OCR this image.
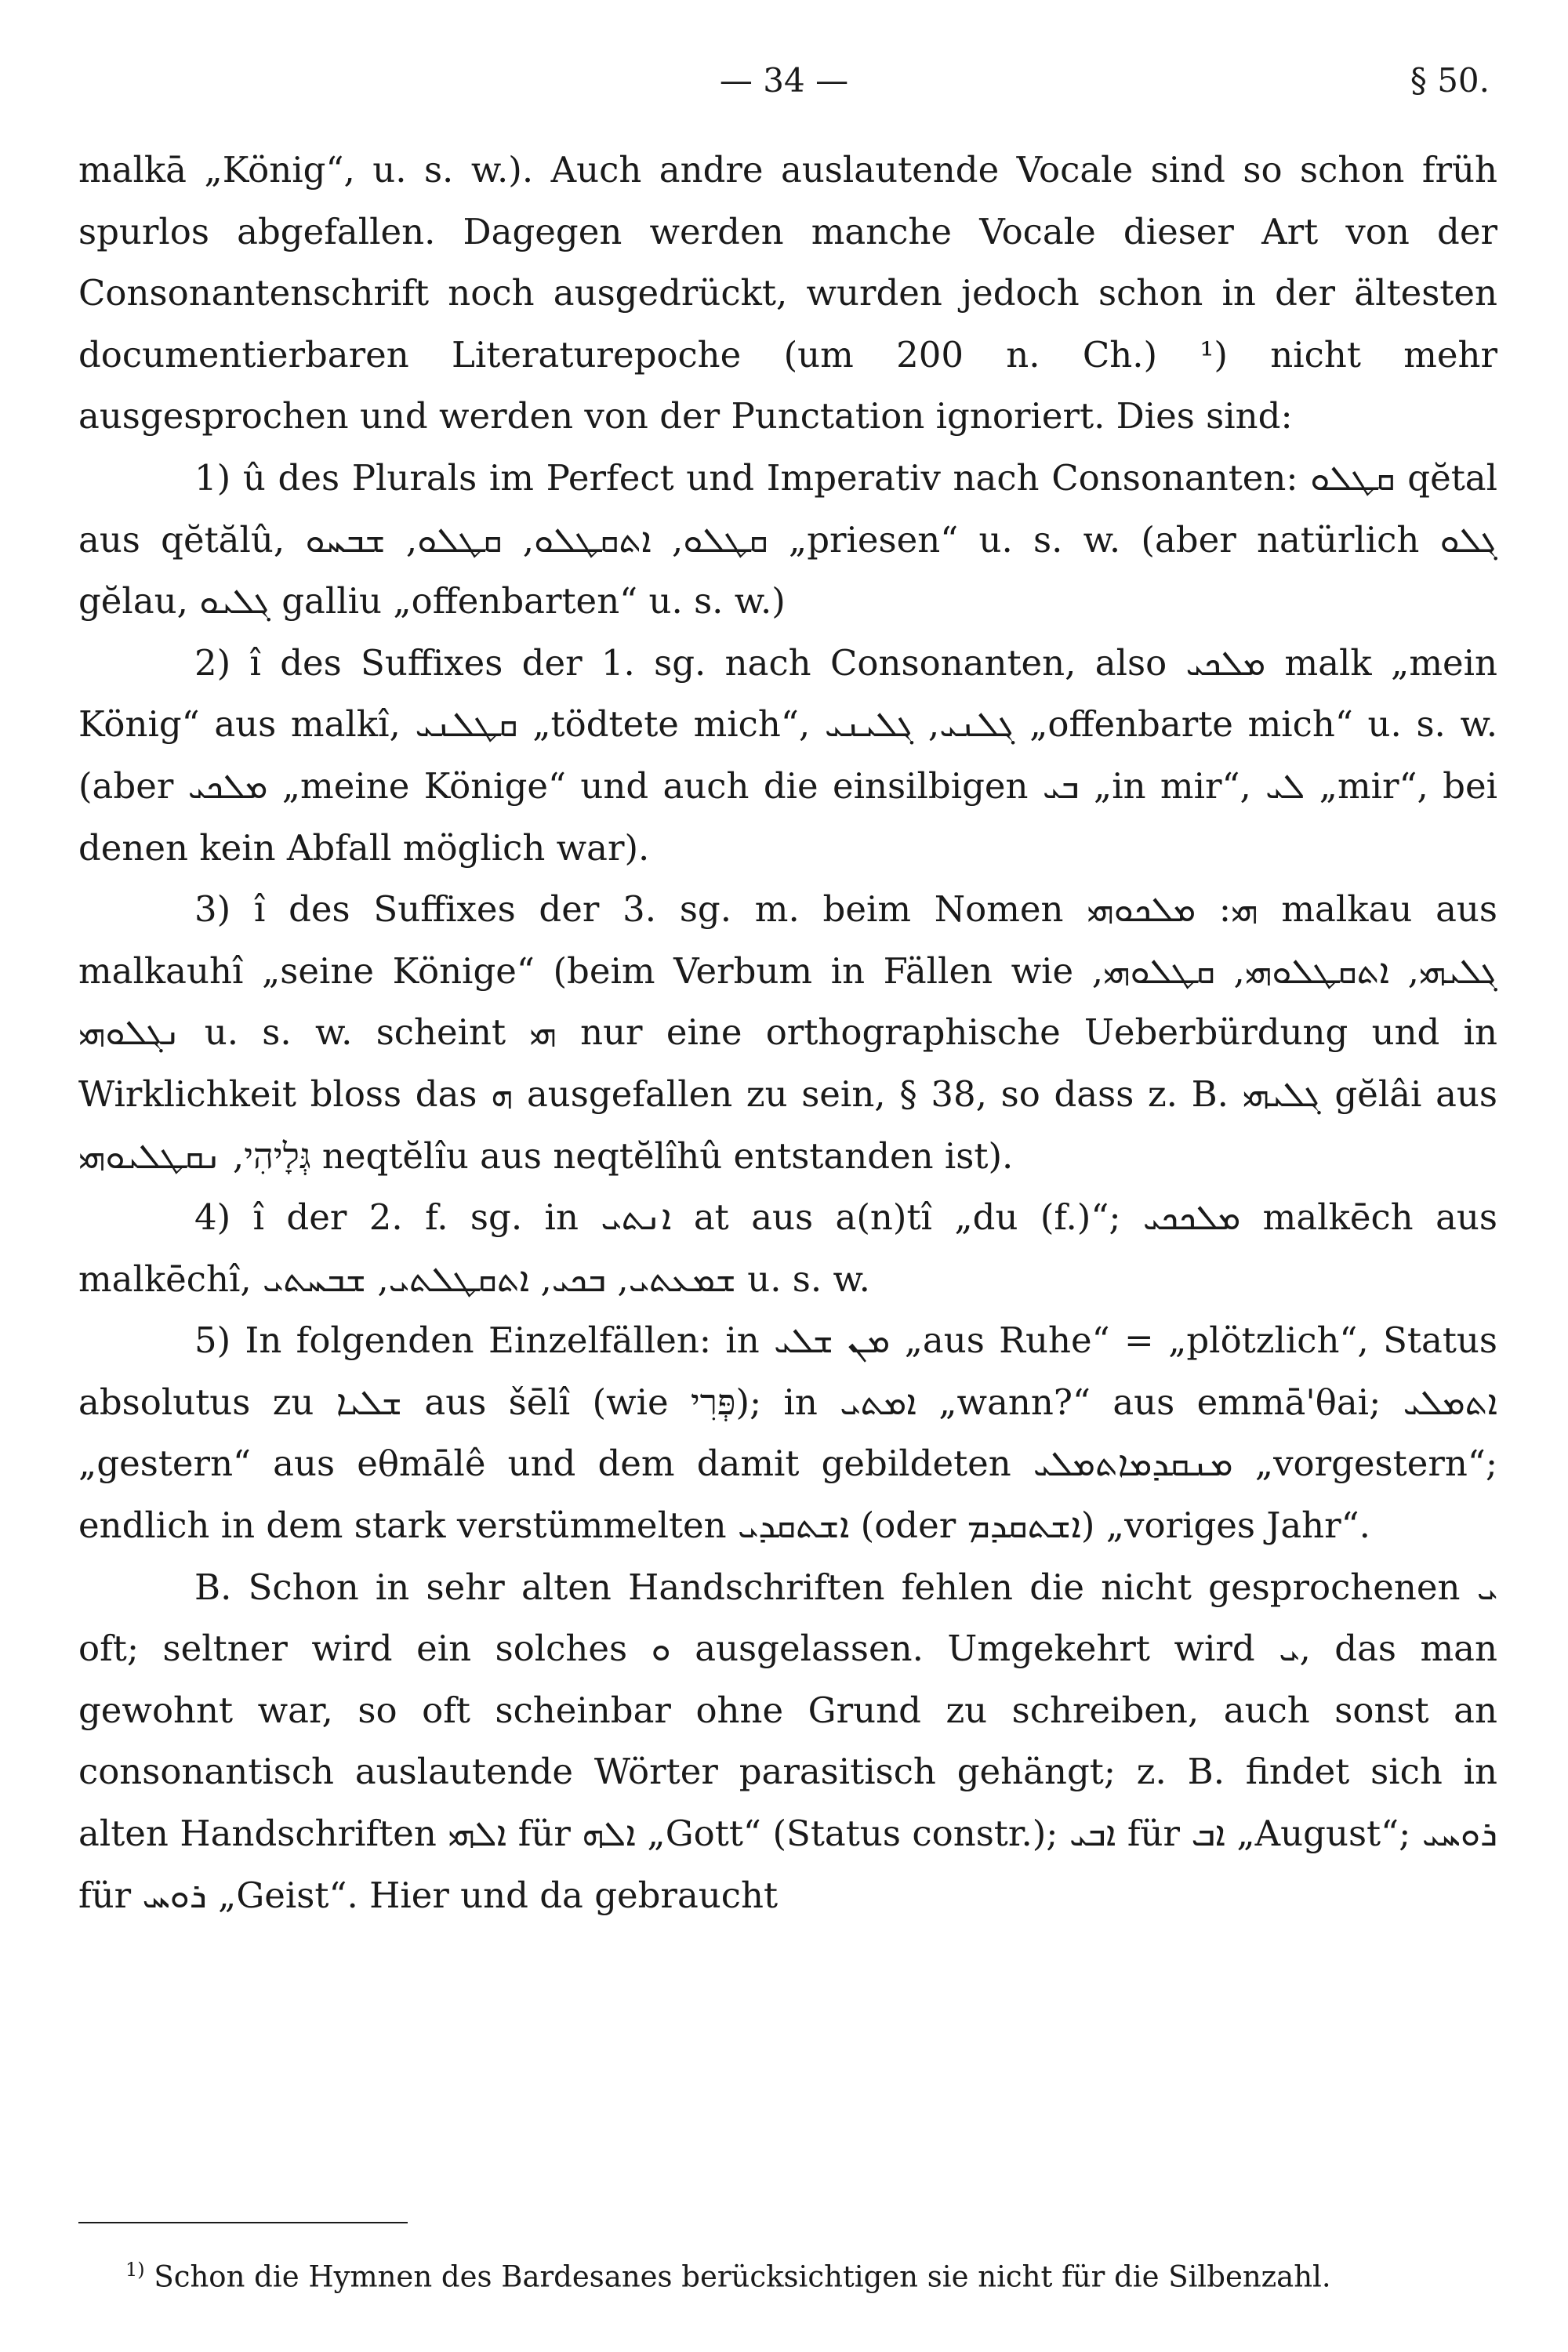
— 34 —	§ 50.

malkā „König“, u. s. w.). Auch andre auslautende Vocale sind so schon früh spurlos abgefallen. Dagegen werden manche Vocale dieser Art von der Consonantenschrift noch ausgedrückt, wurden jedoch schon in der ältesten documentierbaren Literaturepoche (um 200 n. Ch.) ¹) nicht mehr ausgesprochen und werden von der Punctation ignoriert. Dies sind:

1) û des Plurals im Perfect und Imperativ nach Consonanten: ܩܛܠܘ qĕtal aus qĕtălû, ܩܛܠܘ, ܐܬܩܛܠܘ, ܩܛܠܘ, ܫܒܚܘ „priesen“ u. s. w. (aber natürlich ܓܠܘ gĕlau, ܓܠܝܘ galliu „offenbarten“ u. s. w.)

2) î des Suffixes der 1. sg. nach Consonanten, also ܡܠܟܝ malk „mein König“ aus malkî, ܩܛܠܢܝ „tödtete mich“, ܓܠܢܝ, ܓܠܝܢܝ „offenbarte mich“ u. s. w. (aber ܡܠܟܝ „meine Könige“ und auch die einsilbigen ܒܝ „in mir“, ܠܝ „mir“, bei denen kein Abfall möglich war).

3) î des Suffixes der 3. sg. m. beim Nomen ܗܝ: ܡܠܟܘܗܝ malkau aus malkauhî „seine Könige“ (beim Verbum in Fällen wie ܓܠܝܗܝ, ܐܬܩܛܠܘܗܝ, ܩܛܠܘܗܝ, ܢܓܠܘܗܝ u. s. w. scheint ܗܝ nur eine orthographische Ueberbürdung und in Wirklichkeit bloss das ܗ ausgefallen zu sein, § 38, so dass z. B. ܓܠܝܗܝ gĕlâi aus גְּלָיהִי, ܢܩܛܠܝܘܗܝ neqtĕlîu aus neqtĕlîhû entstanden ist).

4) î der 2. f. sg. in ܐܢܬܝ at aus a(n)tî „du (f.)“; ܡܠܟܟܝ malkēch aus malkēchî, ܫܡܥܬܝ, ܒܟܝ, ܐܬܩܛܠܬܝ, ܫܒܚܬܝ u. s. w.

5) In folgenden Einzelfällen: in ܡܢ ܫܠܝ „aus Ruhe“ = „plötzlich“, Status absolutus zu ܫܠܝܐ aus šēlî (wie פְּרִי); in ܐܡܬܝ „wann?“ aus emmā'θai; ܐܬܡܠܝ „gestern“ aus eθmālê und dem damit gebildeten ܡܢܩܕܡܐܬܡܠܝ „vorgestern“; endlich in dem stark verstümmelten ܐܫܬܩܕܝ (oder ܐܫܬܩܕܡ) „voriges Jahr“.

B. Schon in sehr alten Handschriften fehlen die nicht gesprochenen ܝ oft; seltner wird ein solches ܘ ausgelassen. Umgekehrt wird ܝ, das man gewohnt war, so oft scheinbar ohne Grund zu schreiben, auch sonst an consonantisch auslautende Wörter parasitisch gehängt; z. B. findet sich in alten Handschriften ܐܠܗܝ für ܐܠܗ „Gott“ (Status constr.); ܐܒܝ für ܐܒ „August“; ܪܘܚܝ für ܪܘܚ „Geist“. Hier und da gebraucht

$^{1)}$ Schon die Hymnen des Bardesanes berücksichtigen sie nicht für die Silbenzahl.
